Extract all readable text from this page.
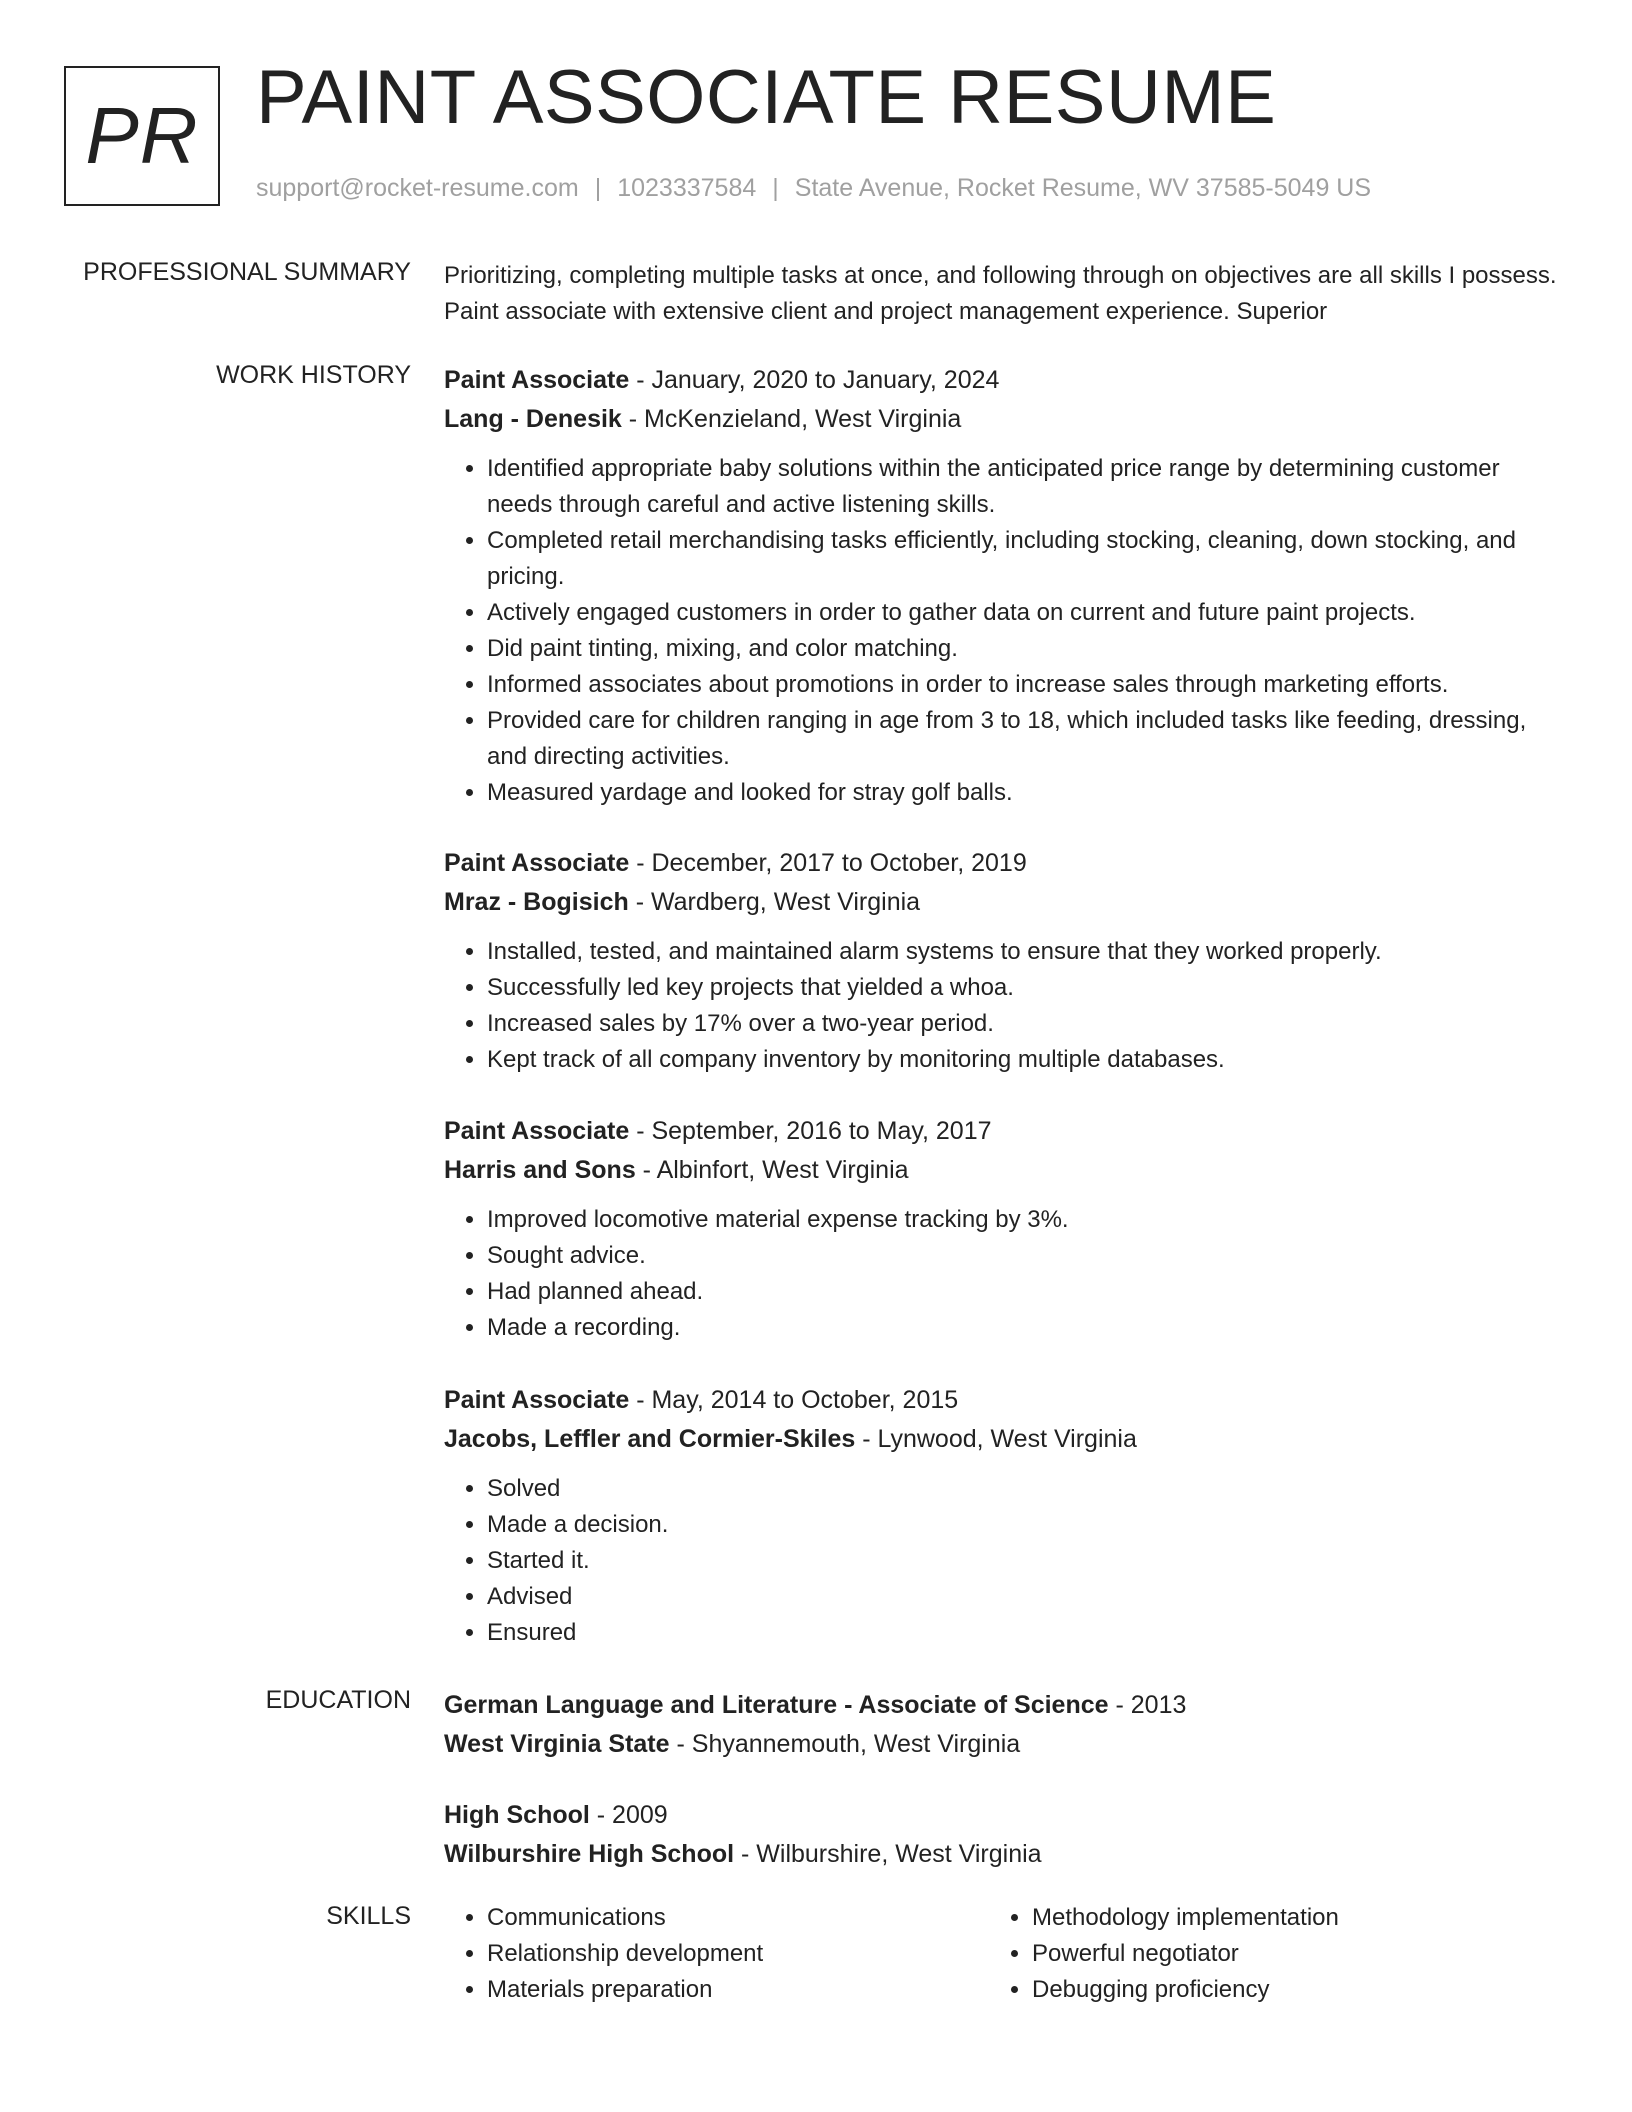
PR PAINT ASSOCIATE RESUME
support@rocket-resume.com | 1023337584 | State Avenue, Rocket Resume, WV 37585-5049 US
PROFESSIONAL SUMMARY Prioritizing, completing multiple tasks at once, and following through on objectives are all skills I possess. Paint associate with extensive client and project management experience. Superior

WORK HISTORY Paint Associate - January, 2020 to January, 2024
Lang - Denesik - McKenzieland, West Virginia
• Identified appropriate baby solutions within the anticipated price range by determining customer needs through careful and active listening skills.
• Completed retail merchandising tasks efficiently, including stocking, cleaning, down stocking, and pricing.
• Actively engaged customers in order to gather data on current and future paint projects.
• Did paint tinting, mixing, and color matching.
• Informed associates about promotions in order to increase sales through marketing efforts.
• Provided care for children ranging in age from 3 to 18, which included tasks like feeding, dressing, and directing activities.
• Measured yardage and looked for stray golf balls.
Paint Associate - December, 2017 to October, 2019
Mraz - Bogisich - Wardberg, West Virginia
• Installed, tested, and maintained alarm systems to ensure that they worked properly.
• Successfully led key projects that yielded a whoa.
• Increased sales by 17% over a two-year period.
• Kept track of all company inventory by monitoring multiple databases.
Paint Associate - September, 2016 to May, 2017
Harris and Sons - Albinfort, West Virginia
• Improved locomotive material expense tracking by 3%.
• Sought advice.
• Had planned ahead.
• Made a recording.
Paint Associate - May, 2014 to October, 2015
Jacobs, Leffler and Cormier-Skiles - Lynwood, West Virginia
• Solved
• Made a decision.
• Started it.
• Advised
• Ensured
EDUCATION German Language and Literature - Associate of Science - 2013
West Virginia State - Shyannemouth, West Virginia
High School - 2009
Wilburshire High School - Wilburshire, West Virginia
SKILLS
•	Communications
• Relationship development
• Materials preparation
• Methodology implementation
• Powerful negotiator
• Debugging proficiency
